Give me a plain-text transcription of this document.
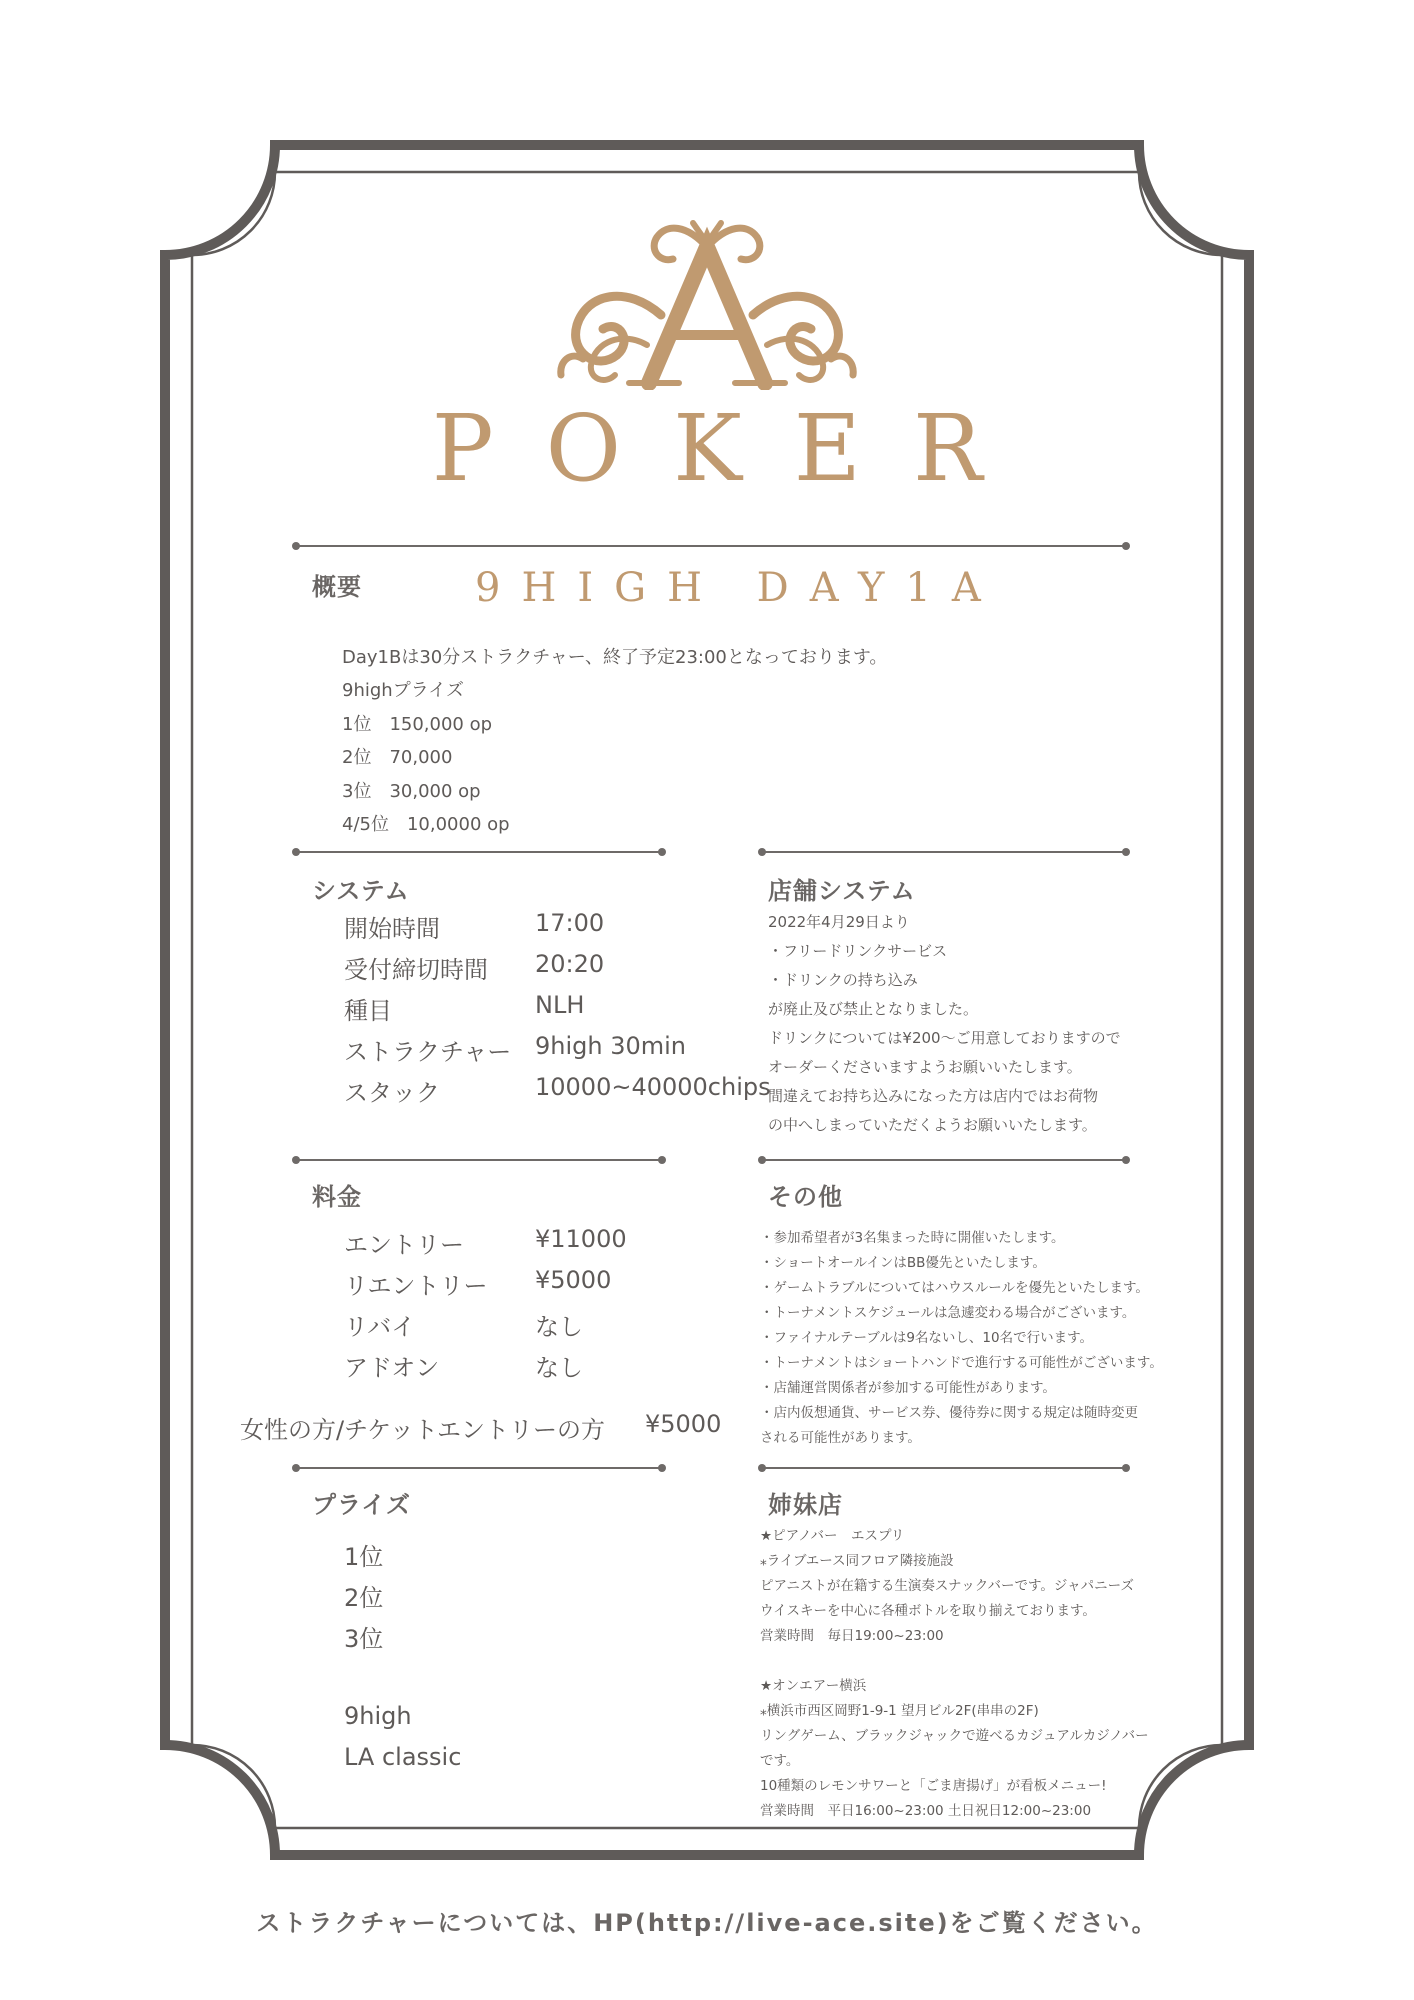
POKER
概要	9HIGH DAY1A
Day1Bは30分ストラクチャー、終了予定23:00となっております。
9highプライズ
1位　150,000 op
2位　70,000
3位　30,000 op
4/5位　10,0000 op
システム
開始時間	17:00
受付締切時間 20:20
種目	NLH
ストラクチャー 9high 30min
スタック	10000~40000chips
店舗システム
2022年4月29日より
・フリードリンクサービス
・ドリンクの持ち込み
が廃止及び禁止となりました。
ドリンクについては¥200〜ご用意しておりますので
オーダーくださいますようお願いいたします。
間違えてお持ち込みになった方は店内ではお荷物
の中へしまっていただくようお願いいたします。
料金
エントリー	¥11000
リエントリー ¥5000
リバイ	なし
アドオン	なし
女性の方/チケットエントリーの方 ¥5000
その他
・参加希望者が3名集まった時に開催いたします。
・ショートオールインはBB優先といたします。
・ゲームトラブルについてはハウスルールを優先といたします。
・トーナメントスケジュールは急遽変わる場合がございます。
・ファイナルテーブルは9名ないし、10名で行います。
・トーナメントはショートハンドで進行する可能性がございます。
・店舗運営関係者が参加する可能性があります。
・店内仮想通貨、サービス券、優待券に関する規定は随時変更
される可能性があります。
プライズ
1位
2位
3位
9high
LA classic
姉妹店
★ピアノバー　エスプリ
⁎ライブエース同フロア隣接施設
ピアニストが在籍する生演奏スナックバーです。ジャパニーズ
ウイスキーを中心に各種ボトルを取り揃えております。
営業時間　毎日19:00~23:00
★オンエアー横浜
⁎横浜市西区岡野1-9-1 望月ビル2F(串串の2F)
リングゲーム、ブラックジャックで遊べるカジュアルカジノバー
です。
10種類のレモンサワーと「ごま唐揚げ」が看板メニュー!
営業時間　平日16:00~23:00 土日祝日12:00~23:00
ストラクチャーについては、HP(http://live-ace.site)をご覧ください。
